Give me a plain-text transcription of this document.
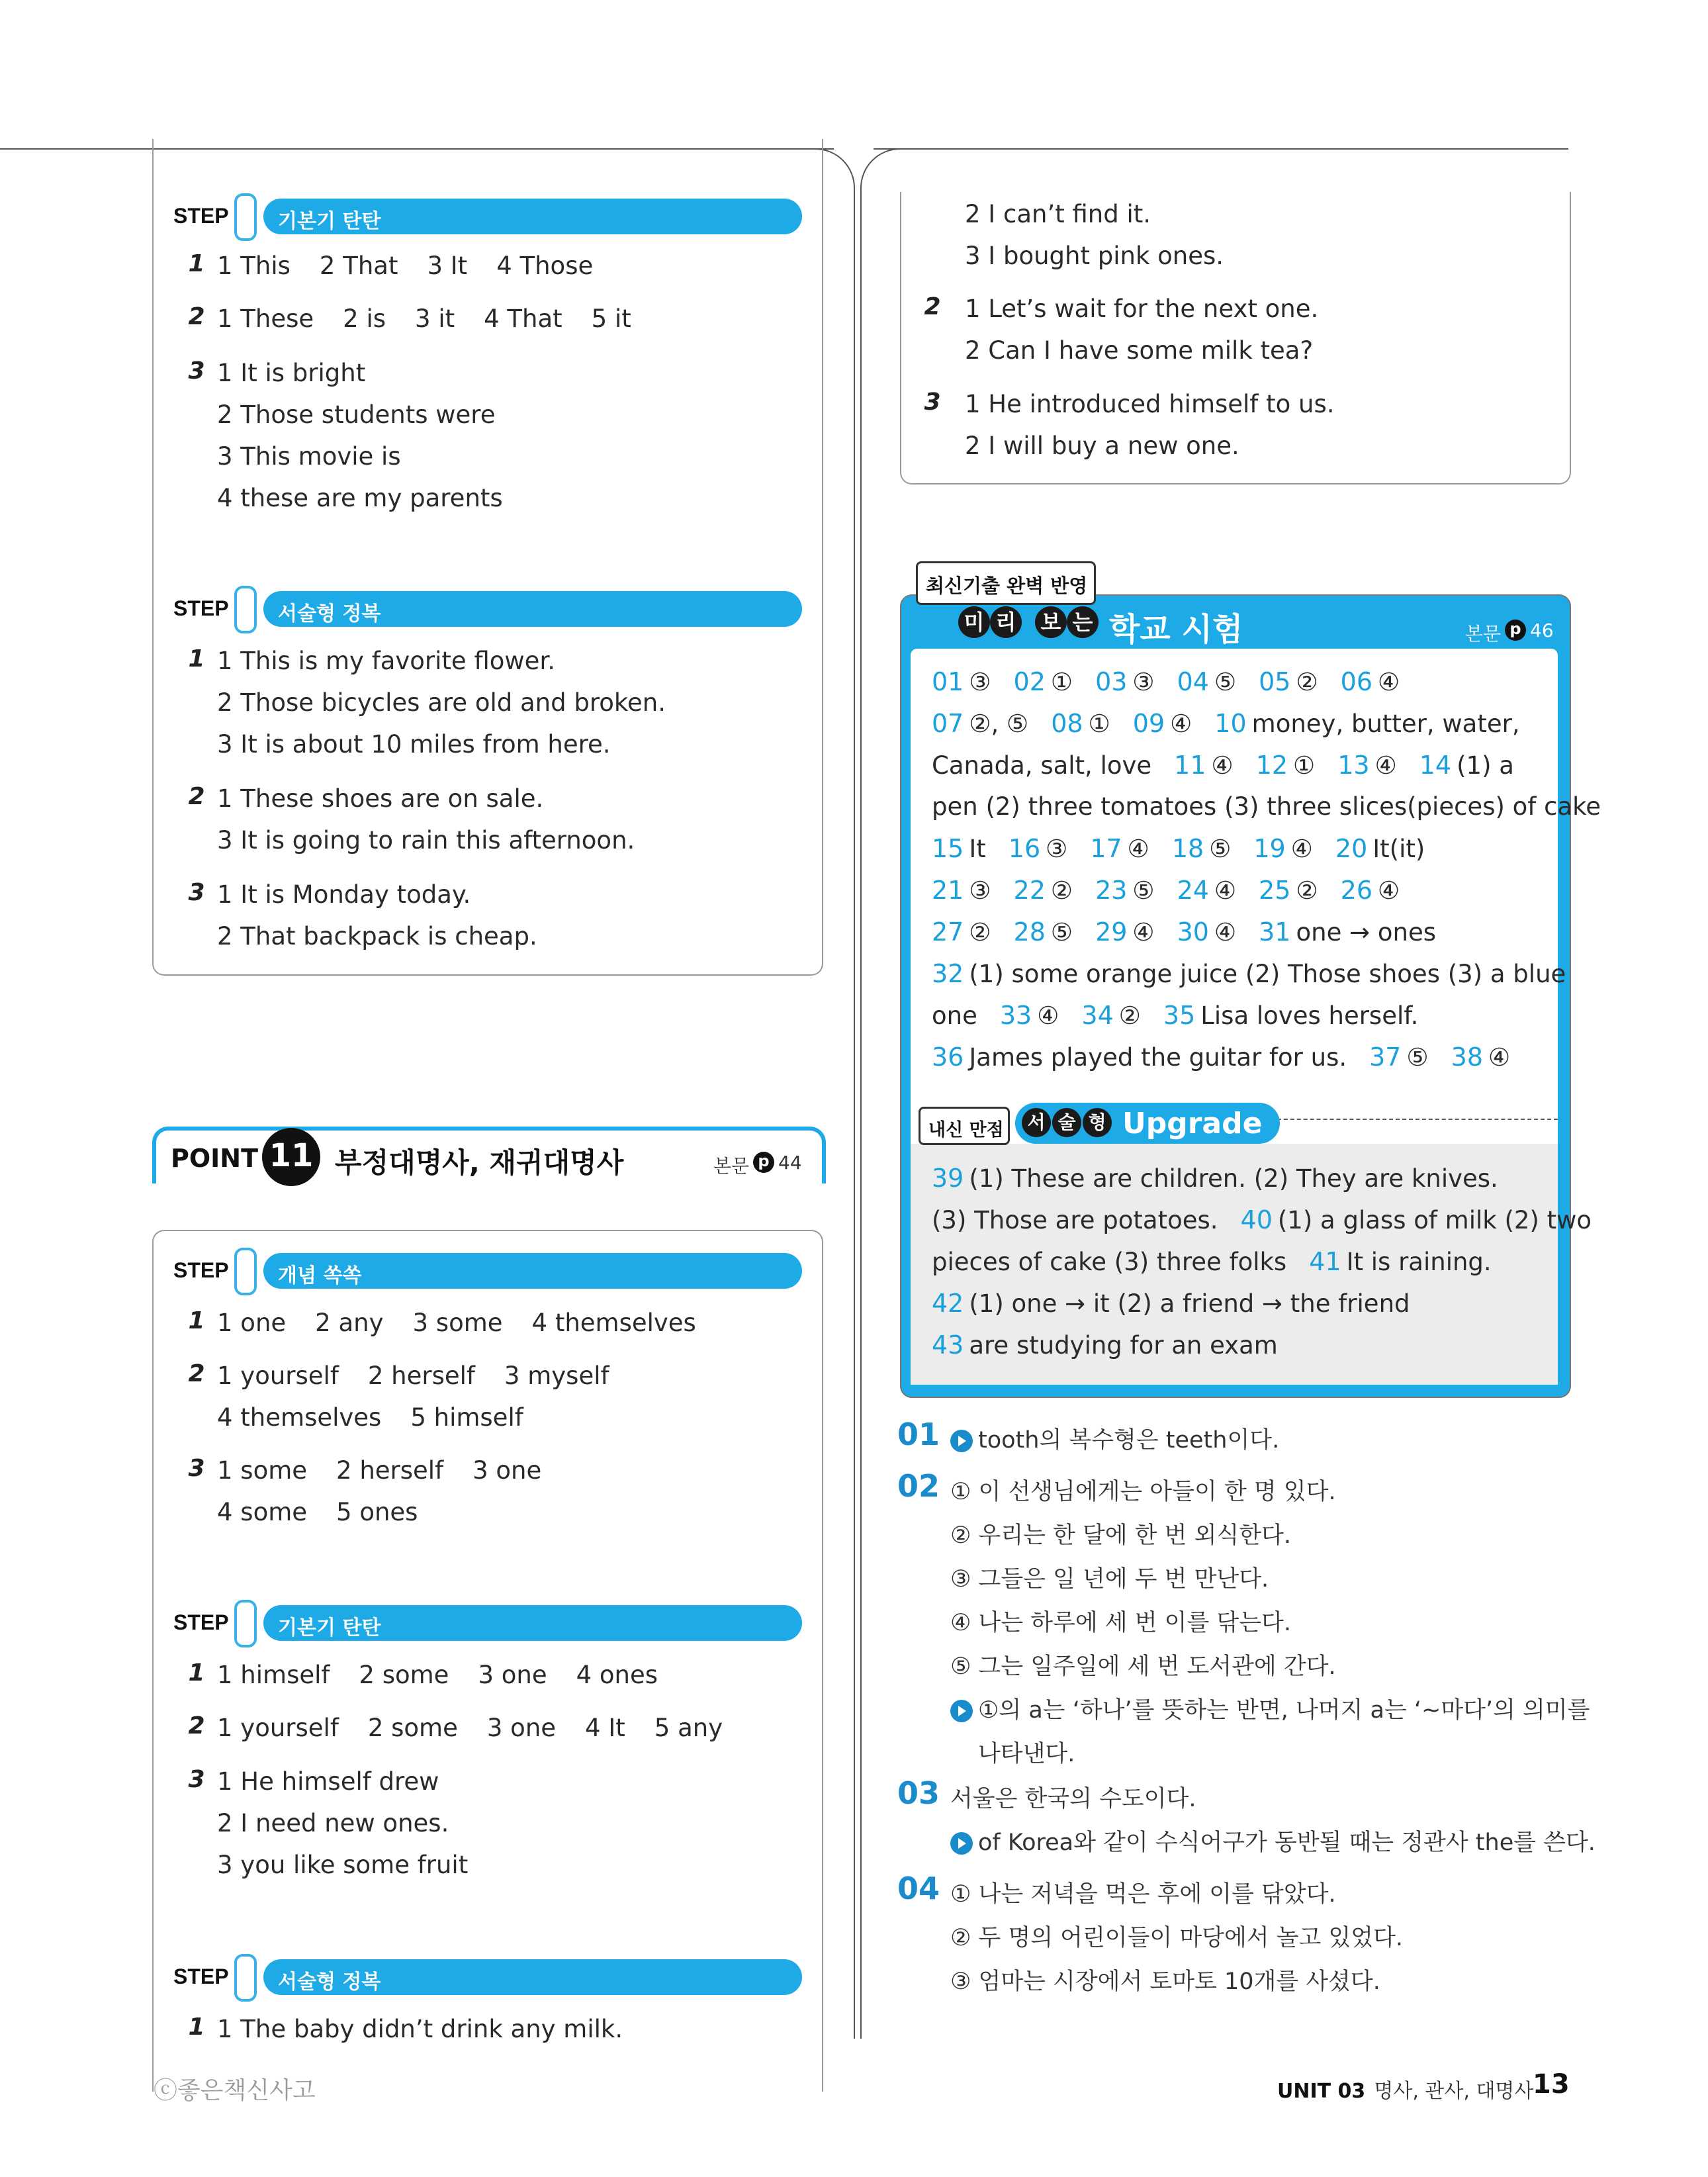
STEP 기본기 탄탄
1 1 This 2 That 3 It 4 Those
2 1 These 2 is 3 it 4 That 5 it
3 1 It is bright
2 Those students were
3 This movie is
4 these are my parents
STEP 서술형 정복
1 1 This is my favorite flower.
2 Those bicycles are old and broken.
3 It is about 10 miles from here.
2 1 These shoes are on sale.
3 It is going to rain this afternoon.
3 1 It is Monday today.
2 That backpack is cheap.
POINT 11 부정대명사, 재귀대명사	본문 p 44
STEP 개념 쏙쏙
1 1 one 2 any 3 some 4 themselves
2 1 yourself 2 herself 3 myself
4 themselves 5 himself
3 1 some 2 herself 3 one
4 some 5 ones
STEP 기본기 탄탄
1 1 himself 2 some 3 one 4 ones
2 1 yourself 2 some 3 one 4 It 5 any
3 1 He himself drew
2 I need new ones.
3 you like some fruit
STEP 서술형 정복
1 1 The baby didn’t drink any milk.
2 I can’t find it.
3 I bought pink ones.
2 1 Let’s wait for the next one.
2 Can I have some milk tea?
3 1 He introduced himself to us.
2 I will buy a new one.
최신기출 완벽 반영
미 리 보 는 학교 시험	본문 p 46
01 ③ 02 ① 03 ③ 04 ⑤ 05 ② 06 ④
07 ②, ⑤ 08 ① 09 ④ 10 money, butter, water,
Canada, salt, love 11 ④ 12 ① 13 ④ 14 (1) a
pen (2) three tomatoes (3) three slices(pieces) of cake
15 It 16 ③ 17 ④ 18 ⑤ 19 ④ 20 It(it)
21 ③ 22 ② 23 ⑤ 24 ④ 25 ② 26 ④
27 ② 28 ⑤ 29 ④ 30 ④ 31 one → ones
32 (1) some orange juice (2) Those shoes (3) a blue
one 33 ④ 34 ② 35 Lisa loves herself.
36 James played the guitar for us. 37 ⑤ 38 ④
내신 만점	서 술 형 Upgrade
39 (1) These are children. (2) They are knives.
(3) Those are potatoes. 40 (1) a glass of milk (2) two
pieces of cake (3) three folks 41 It is raining.
42 (1) one → it (2) a friend → the friend
43 are studying for an exam
01	tooth의 복수형은 teeth이다.
02 ① 이 선생님에게는 아들이 한 명 있다.
② 우리는 한 달에 한 번 외식한다.
③ 그들은 일 년에 두 번 만난다.
④ 나는 하루에 세 번 이를 닦는다.
⑤ 그는 일주일에 세 번 도서관에 간다.
①의 a는 ‘하나’를 뜻하는 반면, 나머지 a는 ‘~마다’의 의미를
나타낸다.
03 서울은 한국의 수도이다.
of Korea와 같이 수식어구가 동반될 때는 정관사 the를 쓴다.
04 ① 나는 저녁을 먹은 후에 이를 닦았다.
② 두 명의 어린이들이 마당에서 놀고 있었다.
③ 엄마는 시장에서 토마토 10개를 사셨다.
ⓒ좋은책신사고	UNIT 03 명사, 관사, 대명사
13
